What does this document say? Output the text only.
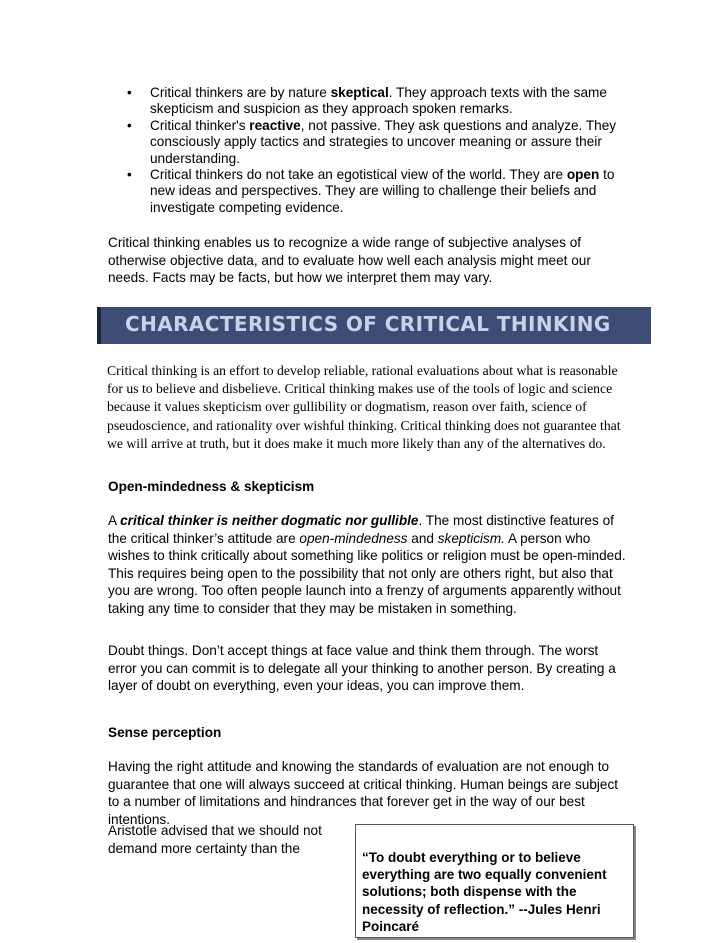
• Critical thinkers are by nature skeptical. They approach texts with the same skepticism and suspicion as they approach spoken remarks.
• Critical thinker's reactive, not passive. They ask questions and analyze. They consciously apply tactics and strategies to uncover meaning or assure their understanding.
• Critical thinkers do not take an egotistical view of the world. They are open to new ideas and perspectives. They are willing to challenge their beliefs and investigate competing evidence.

Critical thinking enables us to recognize a wide range of subjective analyses of otherwise objective data, and to evaluate how well each analysis might meet our needs. Facts may be facts, but how we interpret them may vary.

CHARACTERISTICS OF CRITICAL THINKING

Critical thinking is an effort to develop reliable, rational evaluations about what is reasonable for us to believe and disbelieve. Critical thinking makes use of the tools of logic and science because it values skepticism over gullibility or dogmatism, reason over faith, science of pseudoscience, and rationality over wishful thinking. Critical thinking does not guarantee that we will arrive at truth, but it does make it much more likely than any of the alternatives do.

Open-mindedness & skepticism

A critical thinker is neither dogmatic nor gullible. The most distinctive features of the critical thinker’s attitude are open-mindedness and skepticism. A person who wishes to think critically about something like politics or religion must be open-minded. This requires being open to the possibility that not only are others right, but also that you are wrong. Too often people launch into a frenzy of arguments apparently without taking any time to consider that they may be mistaken in something.

Doubt things. Don’t accept things at face value and think them through. The worst error you can commit is to delegate all your thinking to another person. By creating a layer of doubt on everything, even your ideas, you can improve them.

Sense perception

Having the right attitude and knowing the standards of evaluation are not enough to guarantee that one will always succeed at critical thinking. Human beings are subject to a number of limitations and hindrances that forever get in the way of our best intentions.

Aristotle advised that we should not

demand more certainty than the

“To doubt everything or to believe everything are two equally convenient solutions; both dispense with the necessity of reflection.” --Jules Henri Poincaré
